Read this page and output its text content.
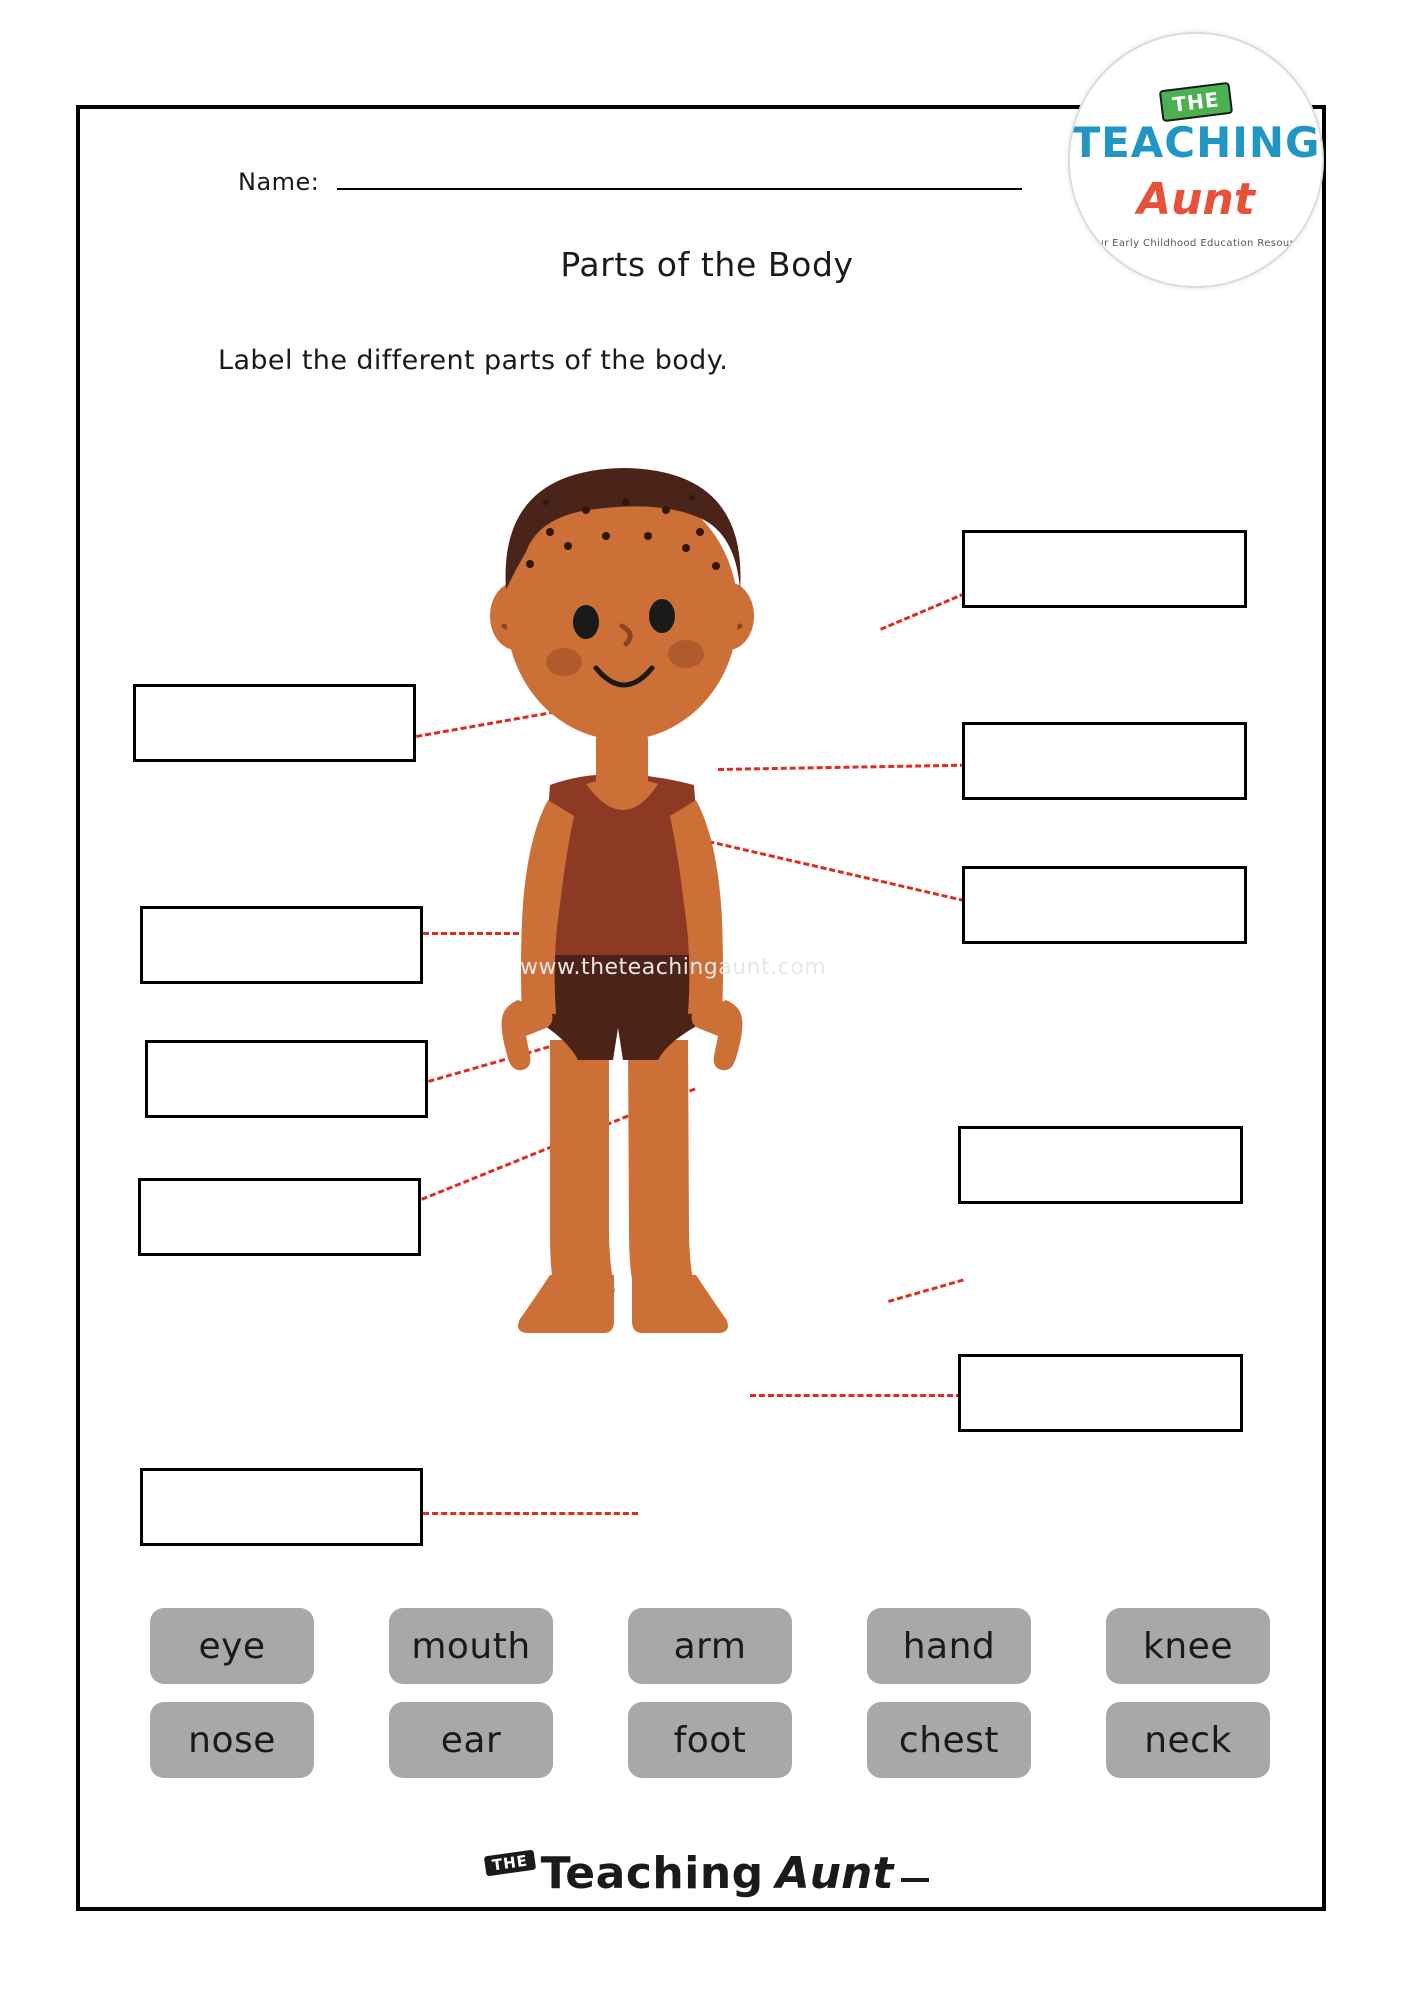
Name:
Parts of the Body
Label the different parts of the body.
THE
TEACHING
Aunt
Your Early Childhood Education Resource
www.theteachingaunt.com
eye	mouth	arm	hand	knee
nose	ear	foot	chest	neck
THE Teaching Aunt
